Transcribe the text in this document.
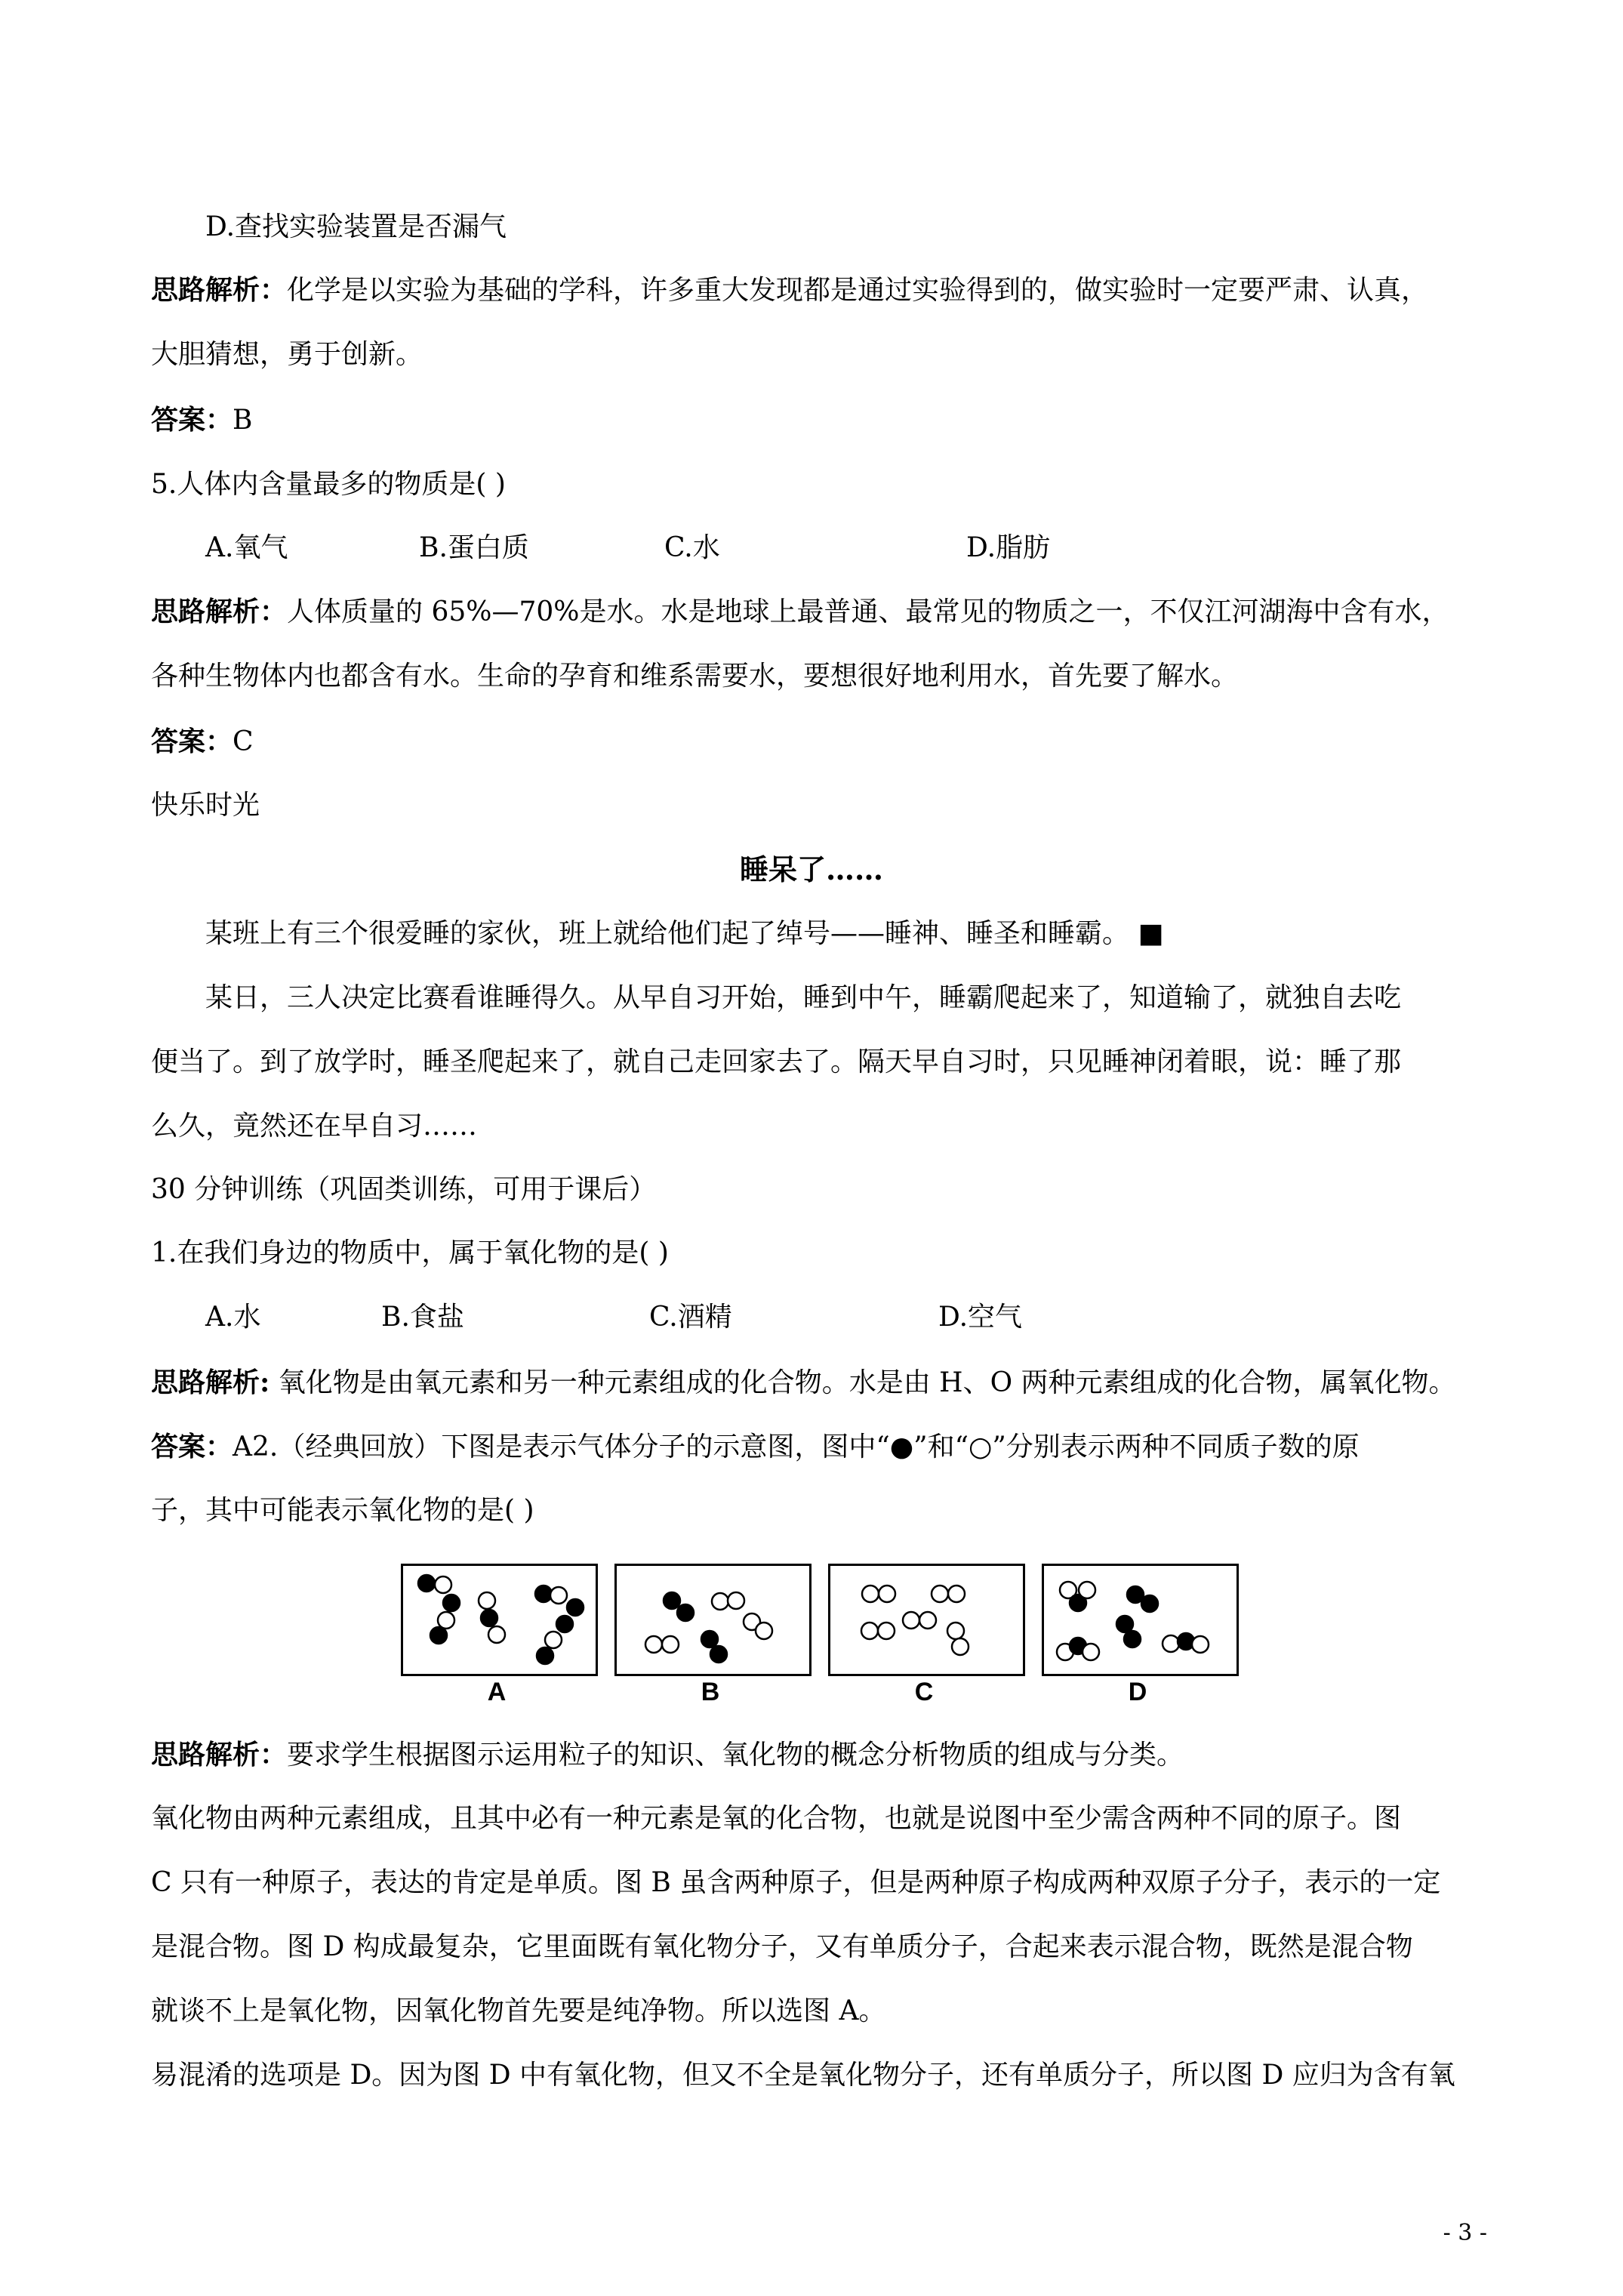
D.查找实验装置是否漏气
思路解析：化学是以实验为基础的学科，许多重大发现都是通过实验得到的，做实验时一定要严肃、认真，
大胆猜想，勇于创新。
答案：B
5.人体内含量最多的物质是( )
A.氧气	B.蛋白质	C.水	D.脂肪
思路解析：人体质量的 65%—70%是水。水是地球上最普通、最常见的物质之一，不仅江河湖海中含有水，
各种生物体内也都含有水。生命的孕育和维系需要水，要想很好地利用水，首先要了解水。
答案：C
快乐时光
睡呆了……
某班上有三个很爱睡的家伙，班上就给他们起了绰号——睡神、睡圣和睡霸。 ■
某日，三人决定比赛看谁睡得久。从早自习开始，睡到中午，睡霸爬起来了，知道输了，就独自去吃
便当了。到了放学时，睡圣爬起来了，就自己走回家去了。隔天早自习时，只见睡神闭着眼，说：睡了那
么久，竟然还在早自习……
30 分钟训练（巩固类训练，可用于课后）
1.在我们身边的物质中，属于氧化物的是( )
A.水	B.食盐	C.酒精	D.空气
思路解析: 氧化物是由氧元素和另一种元素组成的化合物。水是由 H、O 两种元素组成的化合物，属氧化物。
答案：A2.（经典回放）下图是表示气体分子的示意图，图中“●”和“○”分别表示两种不同质子数的原
子，其中可能表示氧化物的是( )
A	B	C	D
思路解析：要求学生根据图示运用粒子的知识、氧化物的概念分析物质的组成与分类。
氧化物由两种元素组成，且其中必有一种元素是氧的化合物，也就是说图中至少需含两种不同的原子。图
C 只有一种原子，表达的肯定是单质。图 B 虽含两种原子，但是两种原子构成两种双原子分子，表示的一定
是混合物。图 D 构成最复杂，它里面既有氧化物分子，又有单质分子，合起来表示混合物，既然是混合物
就谈不上是氧化物，因氧化物首先要是纯净物。所以选图 A。
易混淆的选项是 D。因为图 D 中有氧化物，但又不全是氧化物分子，还有单质分子，所以图 D 应归为含有氧
- 3 -
